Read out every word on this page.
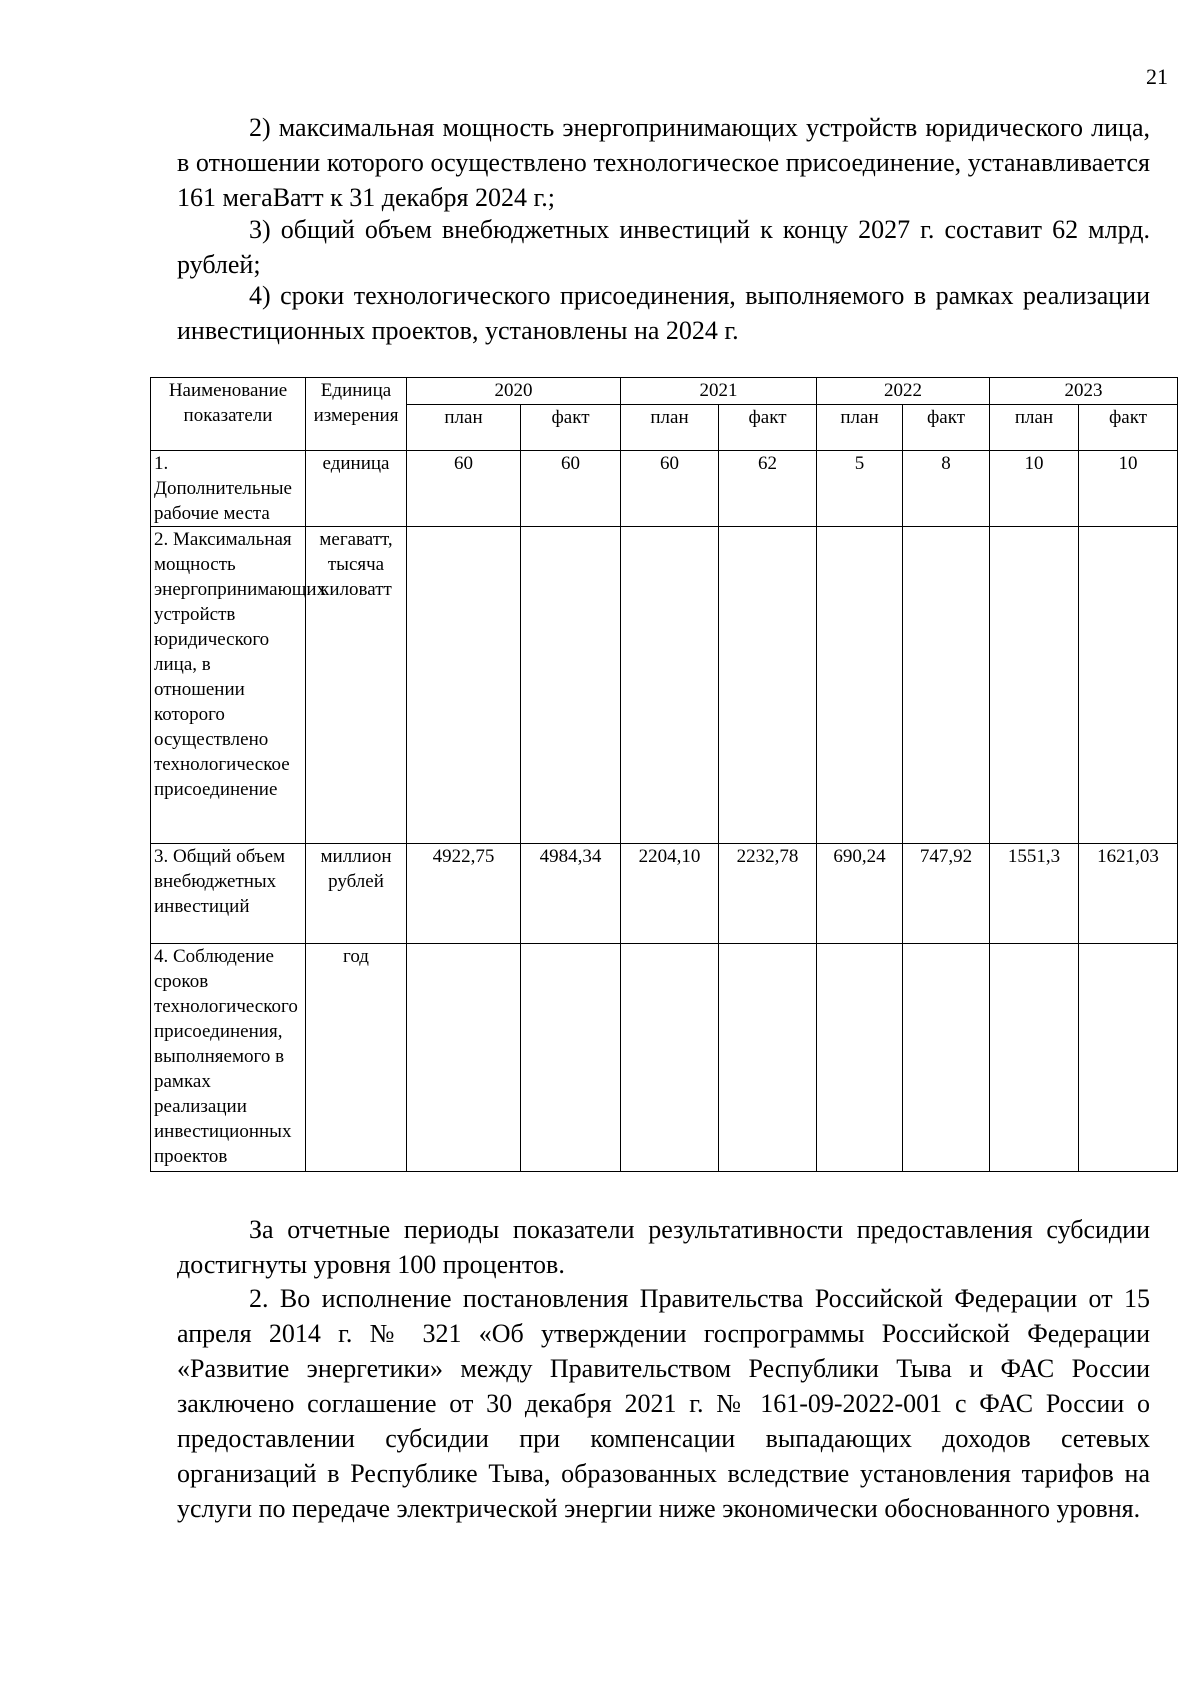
21

2) максимальная мощность энергопринимающих устройств юридического лица, в отношении которого осуществлено технологическое присоединение, устанавливается 161 мегаВатт к 31 декабря 2024 г.;

3) общий объем внебюджетных инвестиций к концу 2027 г. составит 62 млрд. рублей;

4) сроки технологического присоединения, выполняемого в рамках реализации инвестиционных проектов, установлены на 2024 г.

Наименование показатели	Единица измерения	2020		2021		2022		2023	
		план	факт	план	факт	план	факт	план	факт
1. Дополнительные рабочие места	единица	60	60	60	62	5	8	10	10
2. Максимальная мощность энергопринимающих устройств юридического лица, в отношении которого осуществлено технологическое присоединение	мегаватт, тысяча киловатт								
3. Общий объем внебюджетных инвестиций	миллион рублей	4922,75	4984,34	2204,10	2232,78	690,24	747,92	1551,3	1621,03
4. Соблюдение сроков технологического присоединения, выполняемого в рамках реализации инвестиционных проектов	год								

За отчетные периоды показатели результативности предоставления субсидии достигнуты уровня 100 процентов.

2. Во исполнение постановления Правительства Российской Федерации от 15 апреля 2014 г. № 321 «Об утверждении госпрограммы Российской Федерации «Развитие энергетики» между Правительством Республики Тыва и ФАС России заключено соглашение от 30 декабря 2021 г. № 161-09-2022-001 с ФАС России о предоставлении субсидии при компенсации выпадающих доходов сетевых организаций в Республике Тыва, образованных вследствие установления тарифов на услуги по передаче электрической энергии ниже экономически обоснованного уровня.
